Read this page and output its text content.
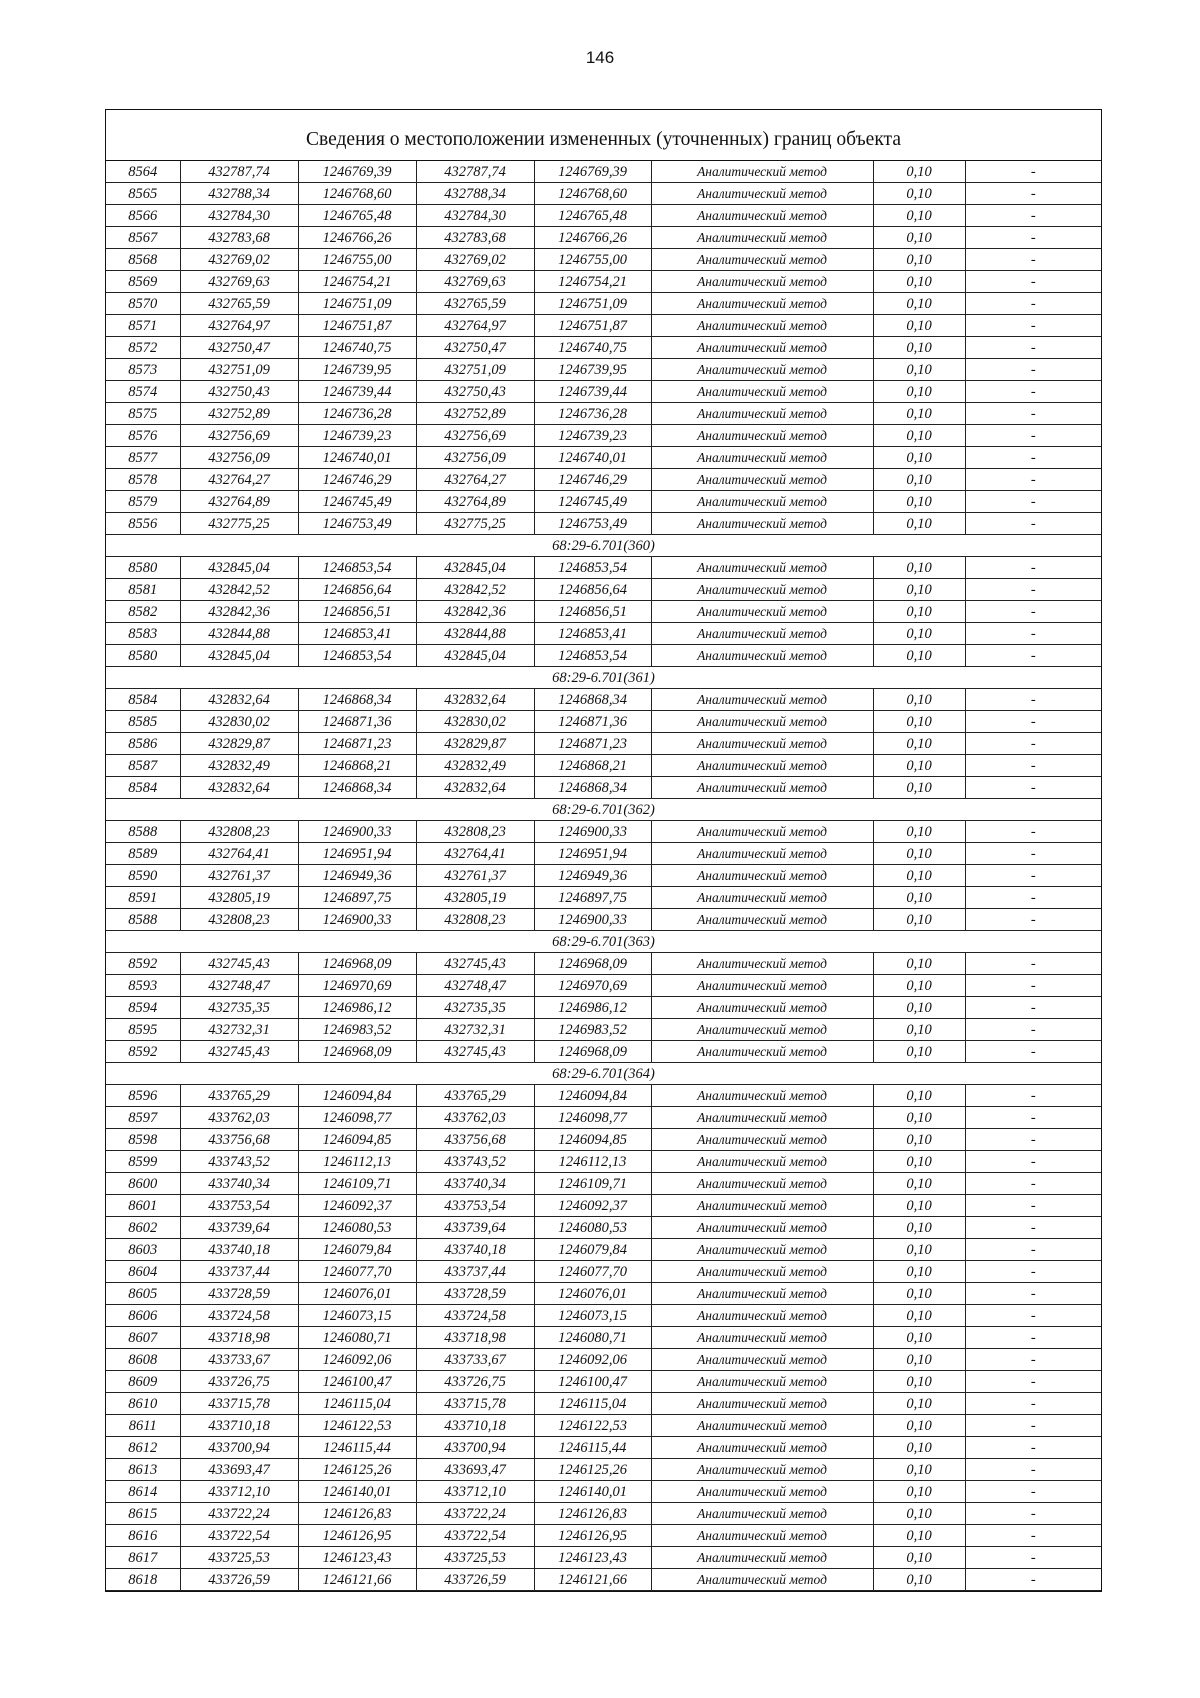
146
Сведения о местоположении измененных (уточненных) границ объекта
8564	432787,74	1246769,39	432787,74	1246769,39	Аналитический метод	0,10	-
8565	432788,34	1246768,60	432788,34	1246768,60	Аналитический метод	0,10	-
8566	432784,30	1246765,48	432784,30	1246765,48	Аналитический метод	0,10	-
8567	432783,68	1246766,26	432783,68	1246766,26	Аналитический метод	0,10	-
8568	432769,02	1246755,00	432769,02	1246755,00	Аналитический метод	0,10	-
8569	432769,63	1246754,21	432769,63	1246754,21	Аналитический метод	0,10	-
8570	432765,59	1246751,09	432765,59	1246751,09	Аналитический метод	0,10	-
8571	432764,97	1246751,87	432764,97	1246751,87	Аналитический метод	0,10	-
8572	432750,47	1246740,75	432750,47	1246740,75	Аналитический метод	0,10	-
8573	432751,09	1246739,95	432751,09	1246739,95	Аналитический метод	0,10	-
8574	432750,43	1246739,44	432750,43	1246739,44	Аналитический метод	0,10	-
8575	432752,89	1246736,28	432752,89	1246736,28	Аналитический метод	0,10	-
8576	432756,69	1246739,23	432756,69	1246739,23	Аналитический метод	0,10	-
8577	432756,09	1246740,01	432756,09	1246740,01	Аналитический метод	0,10	-
8578	432764,27	1246746,29	432764,27	1246746,29	Аналитический метод	0,10	-
8579	432764,89	1246745,49	432764,89	1246745,49	Аналитический метод	0,10	-
8556	432775,25	1246753,49	432775,25	1246753,49	Аналитический метод	0,10	-
68:29-6.701(360)							
8580	432845,04	1246853,54	432845,04	1246853,54	Аналитический метод	0,10	-
8581	432842,52	1246856,64	432842,52	1246856,64	Аналитический метод	0,10	-
8582	432842,36	1246856,51	432842,36	1246856,51	Аналитический метод	0,10	-
8583	432844,88	1246853,41	432844,88	1246853,41	Аналитический метод	0,10	-
8580	432845,04	1246853,54	432845,04	1246853,54	Аналитический метод	0,10	-
68:29-6.701(361)							
8584	432832,64	1246868,34	432832,64	1246868,34	Аналитический метод	0,10	-
8585	432830,02	1246871,36	432830,02	1246871,36	Аналитический метод	0,10	-
8586	432829,87	1246871,23	432829,87	1246871,23	Аналитический метод	0,10	-
8587	432832,49	1246868,21	432832,49	1246868,21	Аналитический метод	0,10	-
8584	432832,64	1246868,34	432832,64	1246868,34	Аналитический метод	0,10	-
68:29-6.701(362)							
8588	432808,23	1246900,33	432808,23	1246900,33	Аналитический метод	0,10	-
8589	432764,41	1246951,94	432764,41	1246951,94	Аналитический метод	0,10	-
8590	432761,37	1246949,36	432761,37	1246949,36	Аналитический метод	0,10	-
8591	432805,19	1246897,75	432805,19	1246897,75	Аналитический метод	0,10	-
8588	432808,23	1246900,33	432808,23	1246900,33	Аналитический метод	0,10	-
68:29-6.701(363)							
8592	432745,43	1246968,09	432745,43	1246968,09	Аналитический метод	0,10	-
8593	432748,47	1246970,69	432748,47	1246970,69	Аналитический метод	0,10	-
8594	432735,35	1246986,12	432735,35	1246986,12	Аналитический метод	0,10	-
8595	432732,31	1246983,52	432732,31	1246983,52	Аналитический метод	0,10	-
8592	432745,43	1246968,09	432745,43	1246968,09	Аналитический метод	0,10	-
68:29-6.701(364)							
8596	433765,29	1246094,84	433765,29	1246094,84	Аналитический метод	0,10	-
8597	433762,03	1246098,77	433762,03	1246098,77	Аналитический метод	0,10	-
8598	433756,68	1246094,85	433756,68	1246094,85	Аналитический метод	0,10	-
8599	433743,52	1246112,13	433743,52	1246112,13	Аналитический метод	0,10	-
8600	433740,34	1246109,71	433740,34	1246109,71	Аналитический метод	0,10	-
8601	433753,54	1246092,37	433753,54	1246092,37	Аналитический метод	0,10	-
8602	433739,64	1246080,53	433739,64	1246080,53	Аналитический метод	0,10	-
8603	433740,18	1246079,84	433740,18	1246079,84	Аналитический метод	0,10	-
8604	433737,44	1246077,70	433737,44	1246077,70	Аналитический метод	0,10	-
8605	433728,59	1246076,01	433728,59	1246076,01	Аналитический метод	0,10	-
8606	433724,58	1246073,15	433724,58	1246073,15	Аналитический метод	0,10	-
8607	433718,98	1246080,71	433718,98	1246080,71	Аналитический метод	0,10	-
8608	433733,67	1246092,06	433733,67	1246092,06	Аналитический метод	0,10	-
8609	433726,75	1246100,47	433726,75	1246100,47	Аналитический метод	0,10	-
8610	433715,78	1246115,04	433715,78	1246115,04	Аналитический метод	0,10	-
8611	433710,18	1246122,53	433710,18	1246122,53	Аналитический метод	0,10	-
8612	433700,94	1246115,44	433700,94	1246115,44	Аналитический метод	0,10	-
8613	433693,47	1246125,26	433693,47	1246125,26	Аналитический метод	0,10	-
8614	433712,10	1246140,01	433712,10	1246140,01	Аналитический метод	0,10	-
8615	433722,24	1246126,83	433722,24	1246126,83	Аналитический метод	0,10	-
8616	433722,54	1246126,95	433722,54	1246126,95	Аналитический метод	0,10	-
8617	433725,53	1246123,43	433725,53	1246123,43	Аналитический метод	0,10	-
8618	433726,59	1246121,66	433726,59	1246121,66	Аналитический метод	0,10	-
